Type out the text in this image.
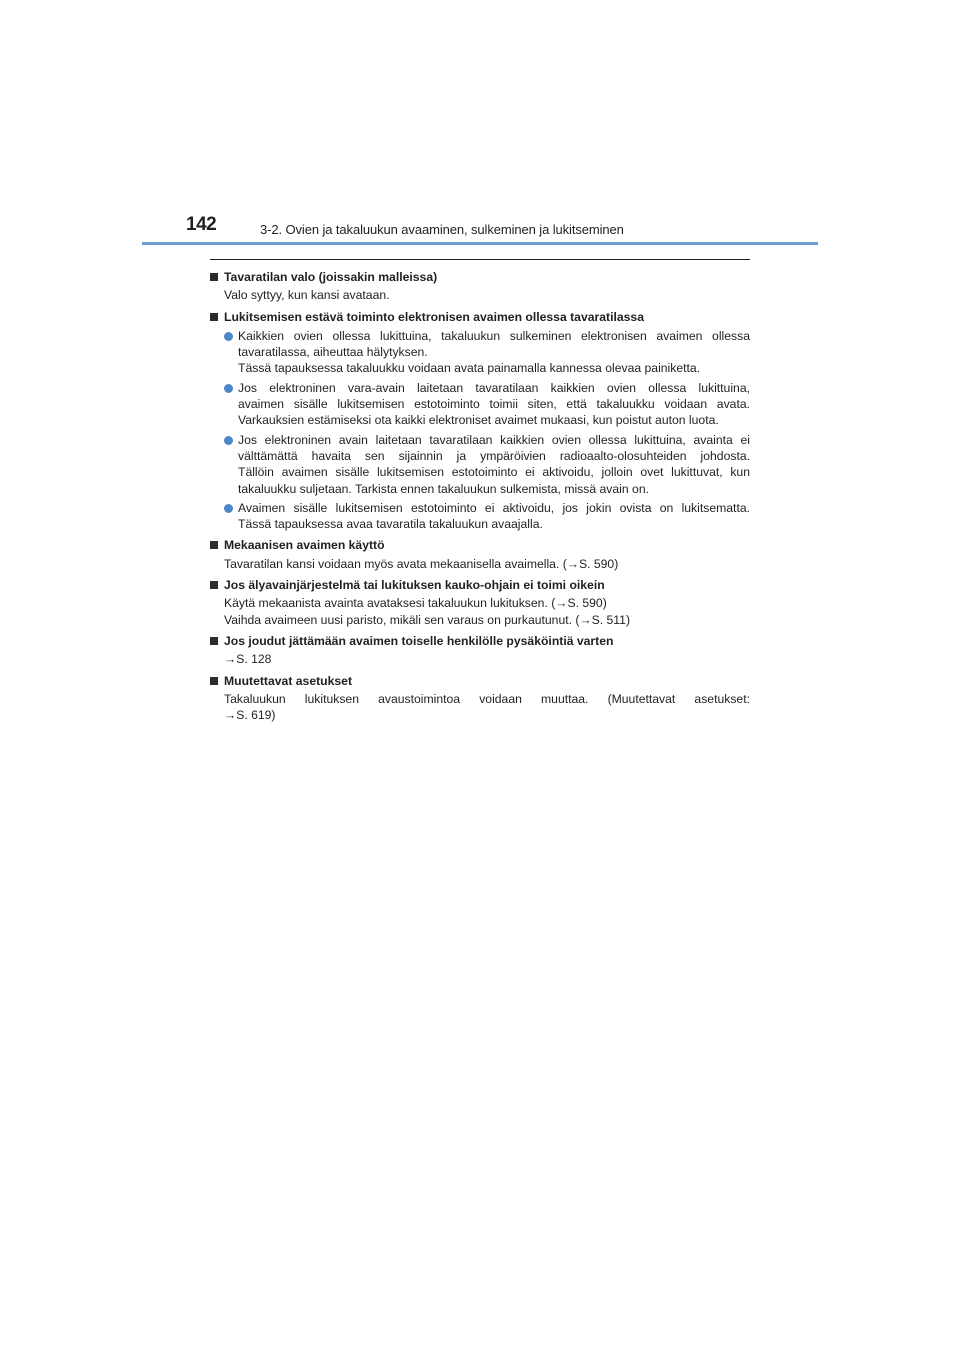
142	3-2. Ovien ja takaluukun avaaminen, sulkeminen ja lukitseminen
Tavaratilan valo (joissakin malleissa)
Valo syttyy, kun kansi avataan.
Lukitsemisen estävä toiminto elektronisen avaimen ollessa tavaratilassa
Kaikkien ovien ollessa lukittuina, takaluukun sulkeminen elektronisen avaimen ollessa
tavaratilassa, aiheuttaa hälytyksen.
Tässä tapauksessa takaluukku voidaan avata painamalla kannessa olevaa painiketta.
Jos elektroninen vara-avain laitetaan tavaratilaan kaikkien ovien ollessa lukittuina,
avaimen sisälle lukitsemisen estotoiminto toimii siten, että takaluukku voidaan avata.
Varkauksien estämiseksi ota kaikki elektroniset avaimet mukaasi, kun poistut auton luota.
Jos elektroninen avain laitetaan tavaratilaan kaikkien ovien ollessa lukittuina, avainta ei
välttämättä havaita sen sijainnin ja ympäröivien radioaalto-olosuhteiden johdosta.
Tällöin avaimen sisälle lukitsemisen estotoiminto ei aktivoidu, jolloin ovet lukittuvat, kun
takaluukku suljetaan. Tarkista ennen takaluukun sulkemista, missä avain on.
Avaimen sisälle lukitsemisen estotoiminto ei aktivoidu, jos jokin ovista on lukitsematta.
Tässä tapauksessa avaa tavaratila takaluukun avaajalla.
Mekaanisen avaimen käyttö
Tavaratilan kansi voidaan myös avata mekaanisella avaimella. (→S. 590)
Jos älyavainjärjestelmä tai lukituksen kauko-ohjain ei toimi oikein
Käytä mekaanista avainta avataksesi takaluukun lukituksen. (→S. 590)
Vaihda avaimeen uusi paristo, mikäli sen varaus on purkautunut. (→S. 511)
Jos joudut jättämään avaimen toiselle henkilölle pysäköintiä varten
→S. 128
Muutettavat asetukset
Takaluukun lukituksen avaustoimintoa voidaan muuttaa. (Muutettavat asetukset:
→S. 619)
